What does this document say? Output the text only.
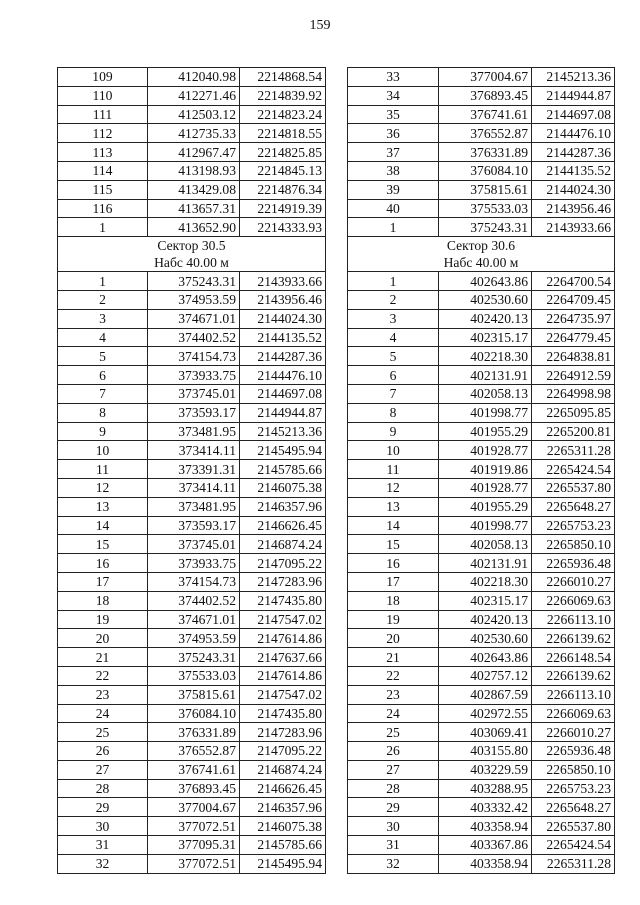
159
109	412040.98	2214868.54
110	412271.46	2214839.92
111	412503.12	2214823.24
112	412735.33	2214818.55
113	412967.47	2214825.85
114	413198.93	2214845.13
115	413429.08	2214876.34
116	413657.31	2214919.39
1	413652.90	2214333.93

Сектор 30.5
Набс 40.00 м		

1	375243.31	2143933.66
2	374953.59	2143956.46
3	374671.01	2144024.30
4	374402.52	2144135.52
5	374154.73	2144287.36
6	373933.75	2144476.10
7	373745.01	2144697.08
8	373593.17	2144944.87
9	373481.95	2145213.36
10	373414.11	2145495.94
11	373391.31	2145785.66
12	373414.11	2146075.38
13	373481.95	2146357.96
14	373593.17	2146626.45
15	373745.01	2146874.24
16	373933.75	2147095.22
17	374154.73	2147283.96
18	374402.52	2147435.80
19	374671.01	2147547.02
20	374953.59	2147614.86
21	375243.31	2147637.66
22	375533.03	2147614.86
23	375815.61	2147547.02
24	376084.10	2147435.80
25	376331.89	2147283.96
26	376552.87	2147095.22
27	376741.61	2146874.24
28	376893.45	2146626.45
29	377004.67	2146357.96
30	377072.51	2146075.38
31	377095.31	2145785.66
32	377072.51	2145495.94
33	377004.67	2145213.36
34	376893.45	2144944.87
35	376741.61	2144697.08
36	376552.87	2144476.10
37	376331.89	2144287.36
38	376084.10	2144135.52
39	375815.61	2144024.30
40	375533.03	2143956.46
1	375243.31	2143933.66

Сектор 30.6
Набс 40.00 м		

1	402643.86	2264700.54
2	402530.60	2264709.45
3	402420.13	2264735.97
4	402315.17	2264779.45
5	402218.30	2264838.81
6	402131.91	2264912.59
7	402058.13	2264998.98
8	401998.77	2265095.85
9	401955.29	2265200.81
10	401928.77	2265311.28
11	401919.86	2265424.54
12	401928.77	2265537.80
13	401955.29	2265648.27
14	401998.77	2265753.23
15	402058.13	2265850.10
16	402131.91	2265936.48
17	402218.30	2266010.27
18	402315.17	2266069.63
19	402420.13	2266113.10
20	402530.60	2266139.62
21	402643.86	2266148.54
22	402757.12	2266139.62
23	402867.59	2266113.10
24	402972.55	2266069.63
25	403069.41	2266010.27
26	403155.80	2265936.48
27	403229.59	2265850.10
28	403288.95	2265753.23
29	403332.42	2265648.27
30	403358.94	2265537.80
31	403367.86	2265424.54
32	403358.94	2265311.28
